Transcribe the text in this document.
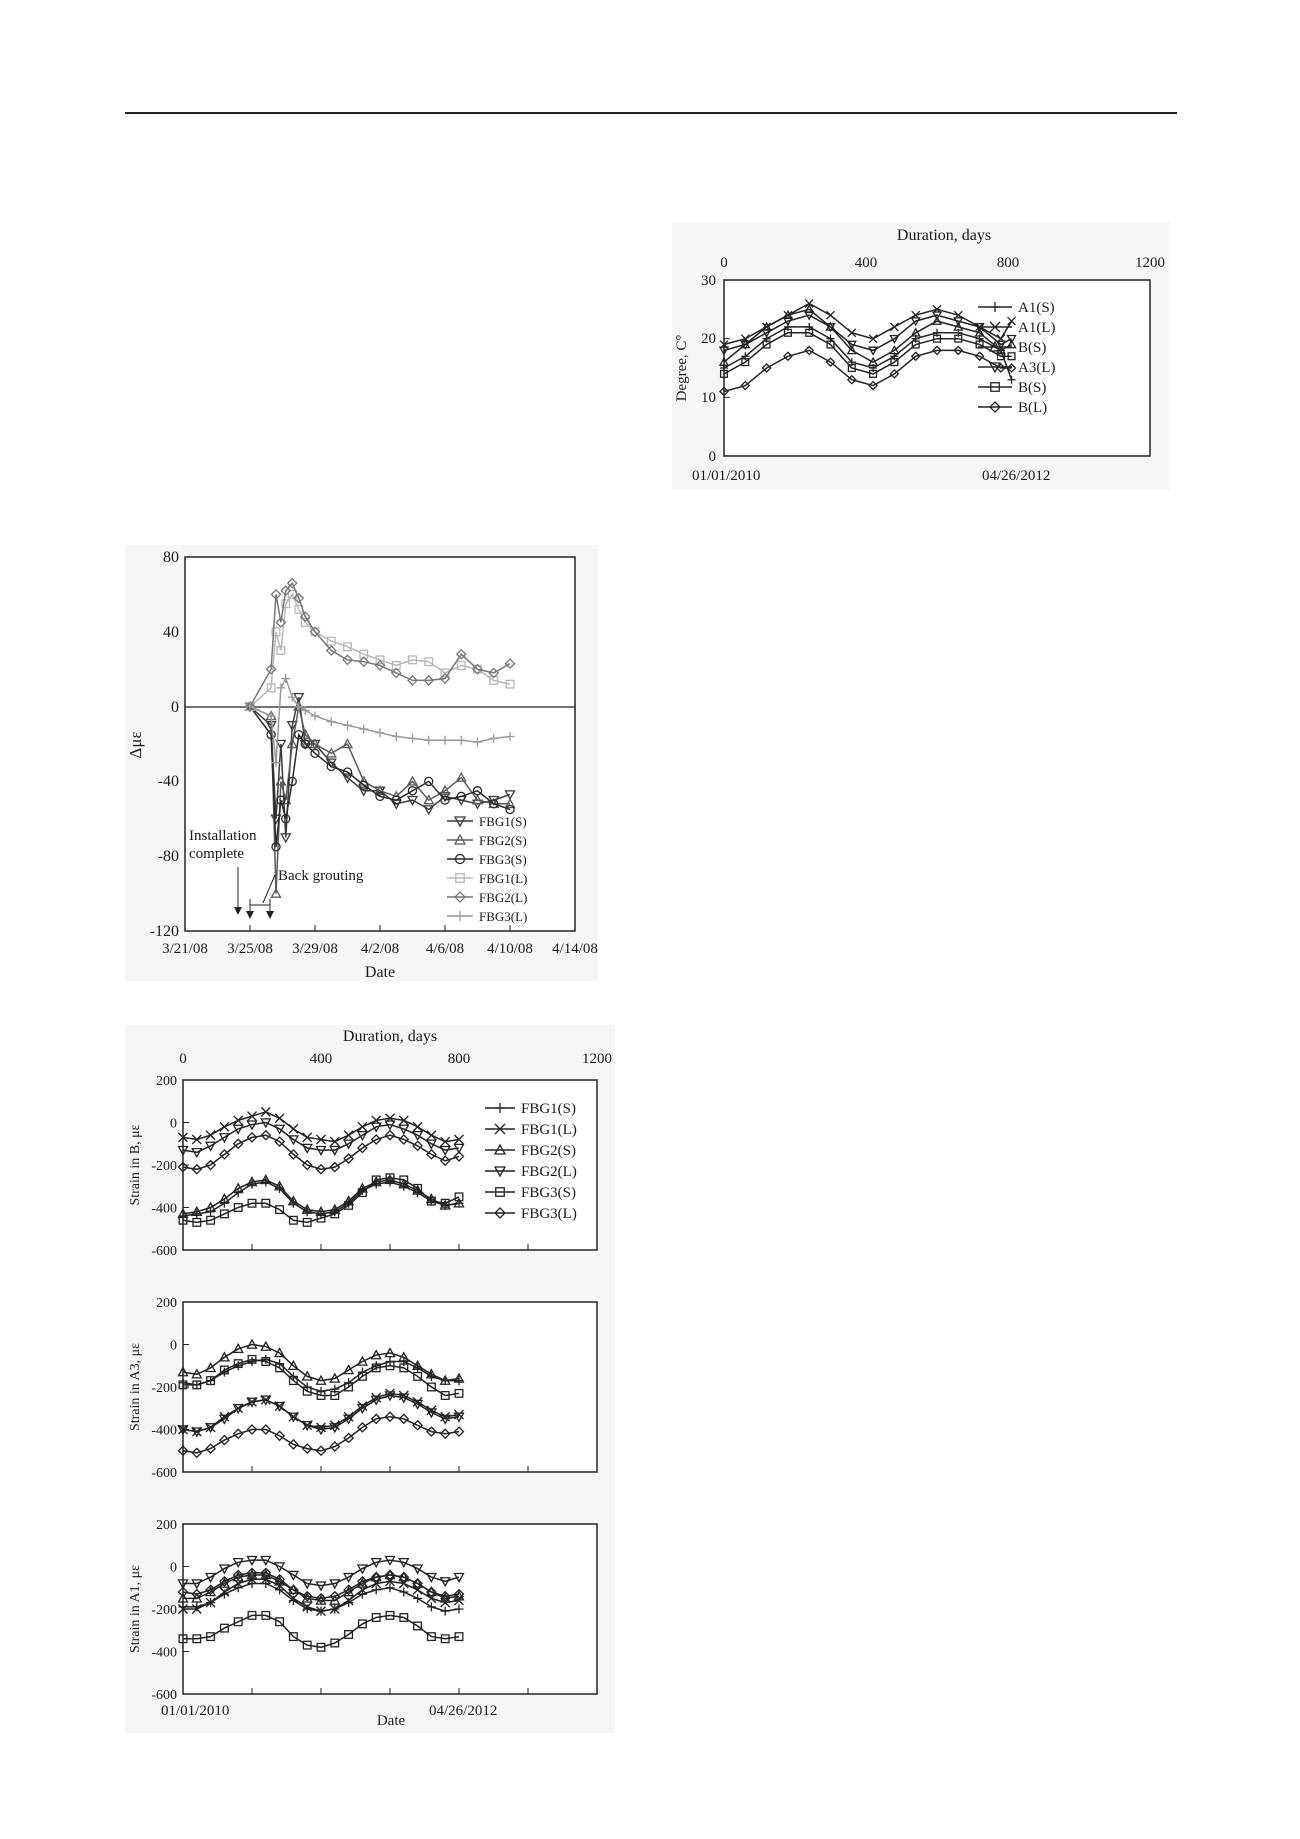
Duration, days
0	400	800	1200
0
10
20
30
Degree, C°
01/01/2010	04/26/2012
A1(S)
A1(L)
B(S)
A3(L)
B(S)
B(L)
80
40
0
-40
-80
-120
Δμε
3/21/08 3/25/08 3/29/08 4/2/08 4/6/08 4/10/08 4/14/08
Date
Installation complete
Back grouting
FBG1(S)
FBG2(S)
FBG3(S)
FBG1(L)
FBG2(L)
FBG3(L)
Duration, days
0	400	800	1200
200
0
-200
-400
-600
Strain in B, με
200
0
-200
-400
-600
Strain in A3, με
200
0
-200
-400
-600
Strain in A1, με
01/01/2010	04/26/2012
Date
FBG1(S)
FBG1(L)
FBG2(S)
FBG2(L)
FBG3(S)
FBG3(L)
